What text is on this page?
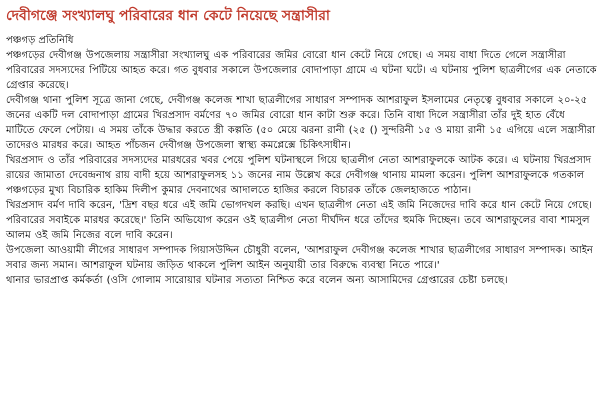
দেবীগঞ্জে সংখ্যালঘু পরিবারের ধান কেটে নিয়েছে সন্ত্রাসীরা
পঞ্চগড় প্রতিনিধি

পঞ্চগড়ের দেবীগঞ্জ উপজেলায় সন্ত্রাসীরা সংখ্যালঘু এক পরিবারের জমির বোরো ধান কেটে নিয়ে গেছে। এ সময় বাধা দিতে গেলে সন্ত্রাসীরা পরিবারের সদস্যদের পিটিয়ে আহত করে। গত বুধবার সকালে উপজেলার বোদাপাড়া গ্রামে এ ঘটনা ঘটে। এ ঘটনায় পুলিশ ছাত্রলীগের এক নেতাকে গ্রেপ্তার করেছে।

দেবীগঞ্জ থানা পুলিশ সূত্রে জানা গেছে, দেবীগঞ্জ কলেজ শাখা ছাত্রলীগের সাধারণ সম্পাদক আশরাফুল ইসলামের নেতৃত্বে বুধবার সকালে ২০-২৫ জনের একটি দল বোদাপাড়া গ্রামের খিরপ্রসাদ বর্মণের ৭০ জমির বোরো ধান কাটা শুরু করে। তিনি বাধা দিলে সন্ত্রাসীরা তাঁর দুই হাত বেঁধে মাটিতে ফেলে পেটায়। এ সময় তাঁকে উদ্ধার করতে স্ত্রী কল্পতি (৫০ মেয়ে ঝরনা রানী (২৫ () সুন্দরিনী ১৫ ও মায়া রানী ১৫ এগিয়ে এলে সন্ত্রাসীরা তাদেরও মারধর করে। আহত পাঁচজন দেবীগঞ্জ উপজেলা স্বাস্থ্য কমপ্লেক্সে চিকিৎসাধীন।

খিরপ্রসাদ ও তাঁর পরিবারের সদস্যদের মারধরের খবর পেয়ে পুলিশ ঘটনাস্থলে গিয়ে ছাত্রলীগ নেতা আশরাফুলকে আটক করে। এ ঘটনায় খিরপ্রসাদ রায়ের জামাতা দেবেন্দ্রনাথ রায় বাদী হয়ে আশরাফুলসহ ১১ জনের নাম উল্লেখ করে দেবীগঞ্জ থানায় মামলা করেন। পুলিশ আশরাফুলকে গতকাল পঞ্চগড়ের মুখ্য বিচারিক হাকিম দিলীপ কুমার দেবনাথের আদালতে হাজির করলে বিচারক তাঁকে জেলহাজতে পাঠান।

খিরপ্রসাদ বর্মণ দাবি করেন, 'দ্রিশ বছর ধরে এই জমি ভোগদখল করছি। এখন ছাত্রলীগ নেতা এই জমি নিজেদের দাবি করে ধান কেটে নিয়ে গেছে। পরিবারের সবাইকে মারধর করেছে।' তিনি অভিযোগ করেন ওই ছাত্রলীগ নেতা দীর্ঘদিন ধরে তাঁদের হুমকি দিচ্ছেন। তবে আশরাফুলের বাবা শামসুল আলম ওই জমি নিজের বলে দাবি করেন।

উপজেলা আওয়ামী লীগের সাধারণ সম্পাদক গিয়াসউদ্দিন চৌধুরী বলেন, 'আশরাফুল দেবীগঞ্জ কলেজ শাখার ছাত্রলীগের সাধারণ সম্পাদক। আইন সবার জন্য সমান। আশরাফুল ঘটনায় জড়িত থাকলে পুলিশ আইন অনুযায়ী তার বিরুদ্ধে ব্যবস্থা নিতে পারে।'

থানার ভারপ্রাপ্ত কর্মকর্তা (ওসি গোলাম সারোয়ার ঘটনার সত্যতা নিশ্চিত করে বলেন অন্য আসামিদের গ্রেপ্তারের চেষ্টা চলছে।
